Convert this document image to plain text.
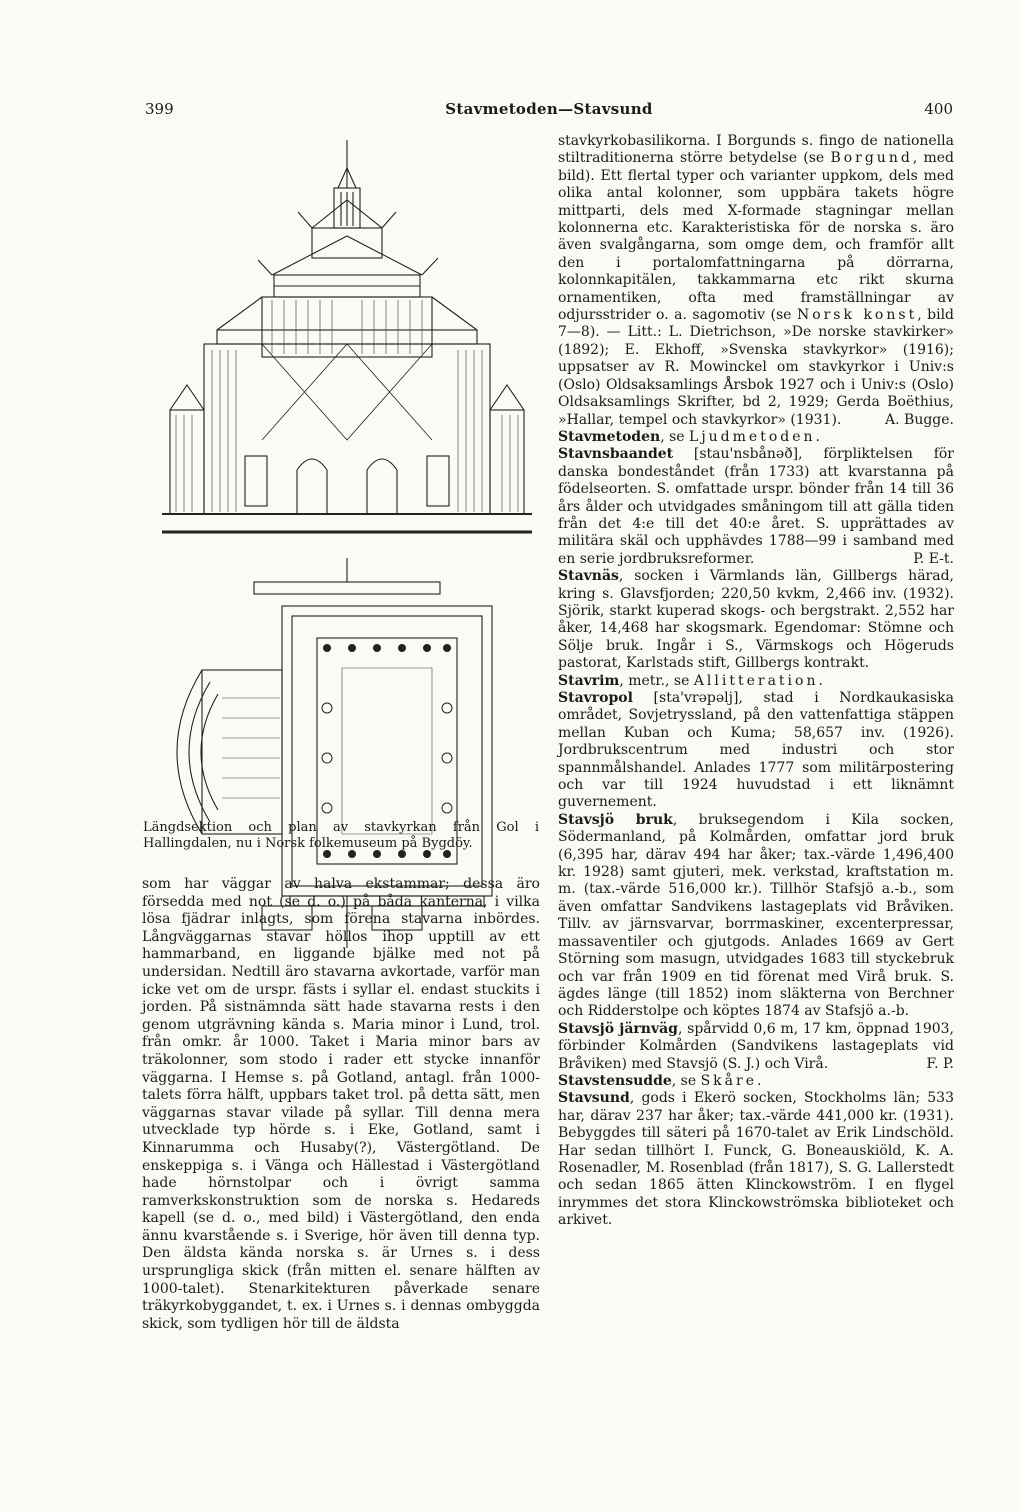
399	Stavmetoden—Stavsund	400
Längdsektion och plan av stavkyrkan från Gol i Hallingdalen, nu i Norsk folkemuseum på Bygdöy.

som har väggar av halva ekstammar; dessa äro försedda med not (se d. o.) på båda kanterna, i vilka lösa fjädrar inlagts, som förena stavarna inbördes. Långväggarnas stavar höllos ihop upptill av ett hammarband, en liggande bjälke med not på undersidan. Nedtill äro stavarna avkortade, varför man icke vet om de urspr. fästs i syllar el. endast stuckits i jorden. På sistnämnda sätt hade stavarna rests i den genom utgrävning kända s. Maria minor i Lund, trol. från omkr. år 1000. Taket i Maria minor bars av träkolonner, som stodo i rader ett stycke innanför väggarna. I Hemse s. på Gotland, antagl. från 1000-talets förra hälft, uppbars taket trol. på detta sätt, men väggarnas stavar vilade på syllar. Till denna mera utvecklade typ hörde s. i Eke, Gotland, samt i Kinnarumma och Husaby(?), Västergötland. De enskeppiga s. i Vänga och Hällestad i Västergötland hade hörnstolpar och i övrigt samma ramverkskonstruktion som de norska s. Hedareds kapell (se d. o., med bild) i Västergötland, den enda ännu kvarstående s. i Sverige, hör även till denna typ. Den äldsta kända norska s. är Urnes s. i dess ursprungliga skick (från mitten el. senare hälften av 1000-talet). Stenarkitekturen påverkade senare träkyrkobyggandet, t. ex. i Urnes s. i dennas ombyggda skick, som tydligen hör till de äldsta

stavkyrkobasilikorna. I Borgunds s. fingo de nationella stiltraditionerna större betydelse (se Borgund, med bild). Ett flertal typer och varianter uppkom, dels med olika antal kolonner, som uppbära takets högre mittparti, dels med X-formade stagningar mellan kolonnerna etc. Karakteristiska för de norska s. äro även svalgångarna, som omge dem, och framför allt den i portalomfattningarna på dörrarna, kolonnkapitälen, takkammarna etc rikt skurna ornamentiken, ofta med framställningar av odjursstrider o. a. sagomotiv (se Norsk konst, bild 7—8). — Litt.: L. Dietrichson, »De norske stavkirker» (1892); E. Ekhoff, »Svenska stavkyrkor» (1916); uppsatser av R. Mowinckel om stavkyrkor i Univ:s (Oslo) Oldsaksamlings Årsbok 1927 och i Univ:s (Oslo) Oldsaksamlings Skrifter, bd 2, 1929; Gerda Boëthius, »Hallar, tempel och stavkyrkor» (1931).	A. Bugge.

Stavmetoden, se Ljudmetoden.

Stavnsbaandet [stau'nsbånəð], förpliktelsen för danska bondeståndet (från 1733) att kvarstanna på födelseorten. S. omfattade urspr. bönder från 14 till 36 års ålder och utvidgades småningom till att gälla tiden från det 4:e till det 40:e året. S. upprättades av militära skäl och upphävdes 1788—99 i samband med en serie jordbruksreformer.	P. E-t.

Stavnäs, socken i Värmlands län, Gillbergs härad, kring s. Glavsfjorden; 220,50 kvkm, 2,466 inv. (1932). Sjörik, starkt kuperad skogs- och bergstrakt. 2,552 har åker, 14,468 har skogsmark. Egendomar: Stömne och Sölje bruk. Ingår i S., Värmskogs och Högeruds pastorat, Karlstads stift, Gillbergs kontrakt.

Stavrim, metr., se Allitteration.

Stavropol [sta'vrəpəlj], stad i Nordkaukasiska området, Sovjetryssland, på den vattenfattiga stäppen mellan Kuban och Kuma; 58,657 inv. (1926). Jordbrukscentrum med industri och stor spannmålshandel. Anlades 1777 som militärpostering och var till 1924 huvudstad i ett liknämnt guvernement.

Stavsjö bruk, bruksegendom i Kila socken, Södermanland, på Kolmården, omfattar jord bruk (6,395 har, därav 494 har åker; tax.-värde 1,496,400 kr. 1928) samt gjuteri, mek. verkstad, kraftstation m. m. (tax.-värde 516,000 kr.). Tillhör Stafsjö a.-b., som även omfattar Sandvikens lastageplats vid Bråviken. Tillv. av järnsvarvar, borrmaskiner, excenterpressar, massaventiler och gjutgods. Anlades 1669 av Gert Störning som masugn, utvidgades 1683 till styckebruk och var från 1909 en tid förenat med Virå bruk. S. ägdes länge (till 1852) inom släkterna von Berchner och Ridderstolpe och köptes 1874 av Stafsjö a.-b.

Stavsjö järnväg, spårvidd 0,6 m, 17 km, öppnad 1903, förbinder Kolmården (Sandvikens lastageplats vid Bråviken) med Stavsjö (S. J.) och Virå.	F. P.

Stavstensudde, se Skåre.

Stavsund, gods i Ekerö socken, Stockholms län; 533 har, därav 237 har åker; tax.-värde 441,000 kr. (1931). Bebyggdes till säteri på 1670-talet av Erik Lindschöld. Har sedan tillhört I. Funck, G. Boneauskiöld, K. A. Rosenadler, M. Rosenblad (från 1817), S. G. Lallerstedt och sedan 1865 ätten Klinckowström. I en flygel inrymmes det stora Klinckowströmska biblioteket och arkivet.
